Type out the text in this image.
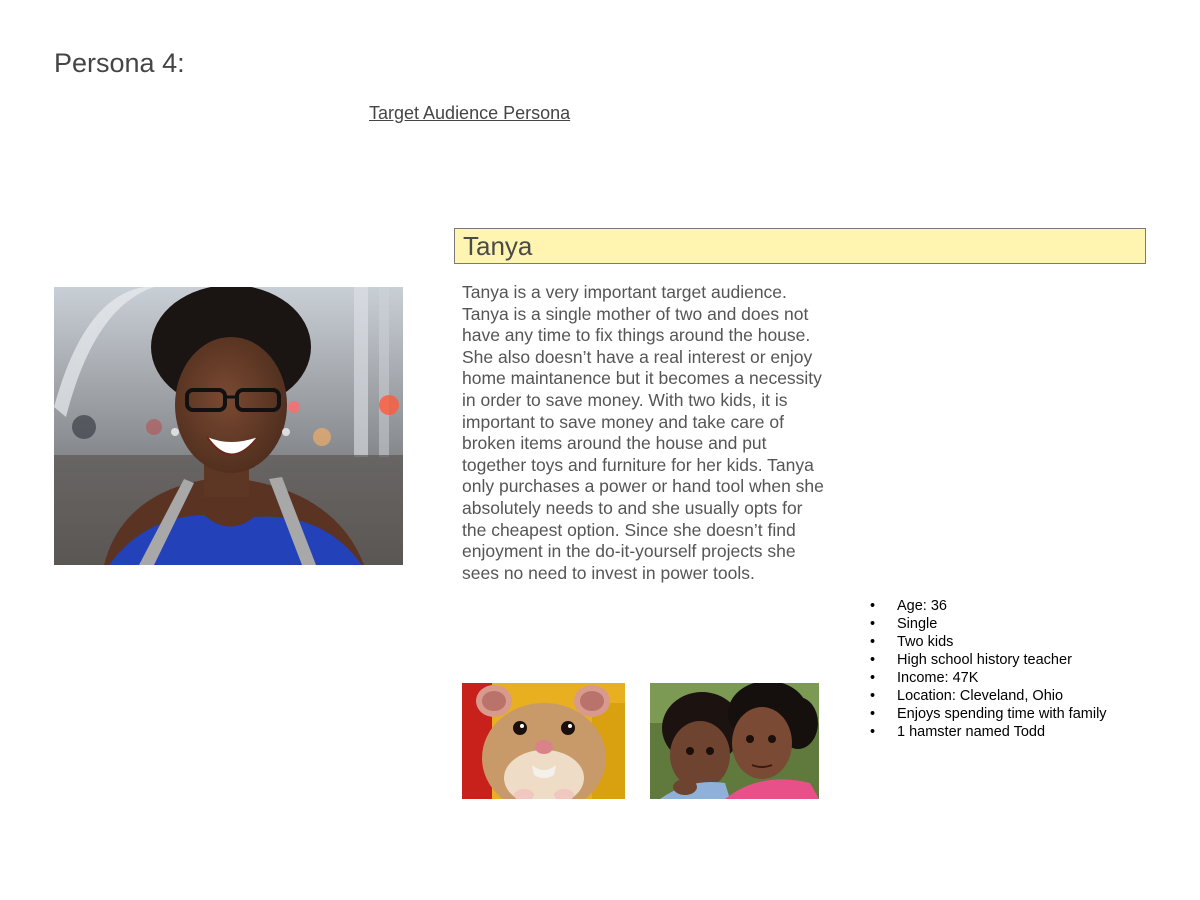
Persona 4:
Target Audience Persona
Tanya
Tanya is a very important target audience. Tanya is a single mother of two and does not have any time to fix things around the house. She also doesn’t have a real interest or enjoy home maintanence but it becomes a necessity in order to save money. With two kids, it is important to save money and take care of broken items around the house and put together toys and furniture for her kids. Tanya only purchases a power or hand tool when she absolutely needs to and she usually opts for the cheapest option. Since she doesn’t find enjoyment in the do-it-yourself projects she sees no need to invest in power tools.
• Age: 36
• Single
• Two kids
• High school history teacher
• Income: 47K
• Location: Cleveland, Ohio
• Enjoys spending time with family
• 1 hamster named Todd
